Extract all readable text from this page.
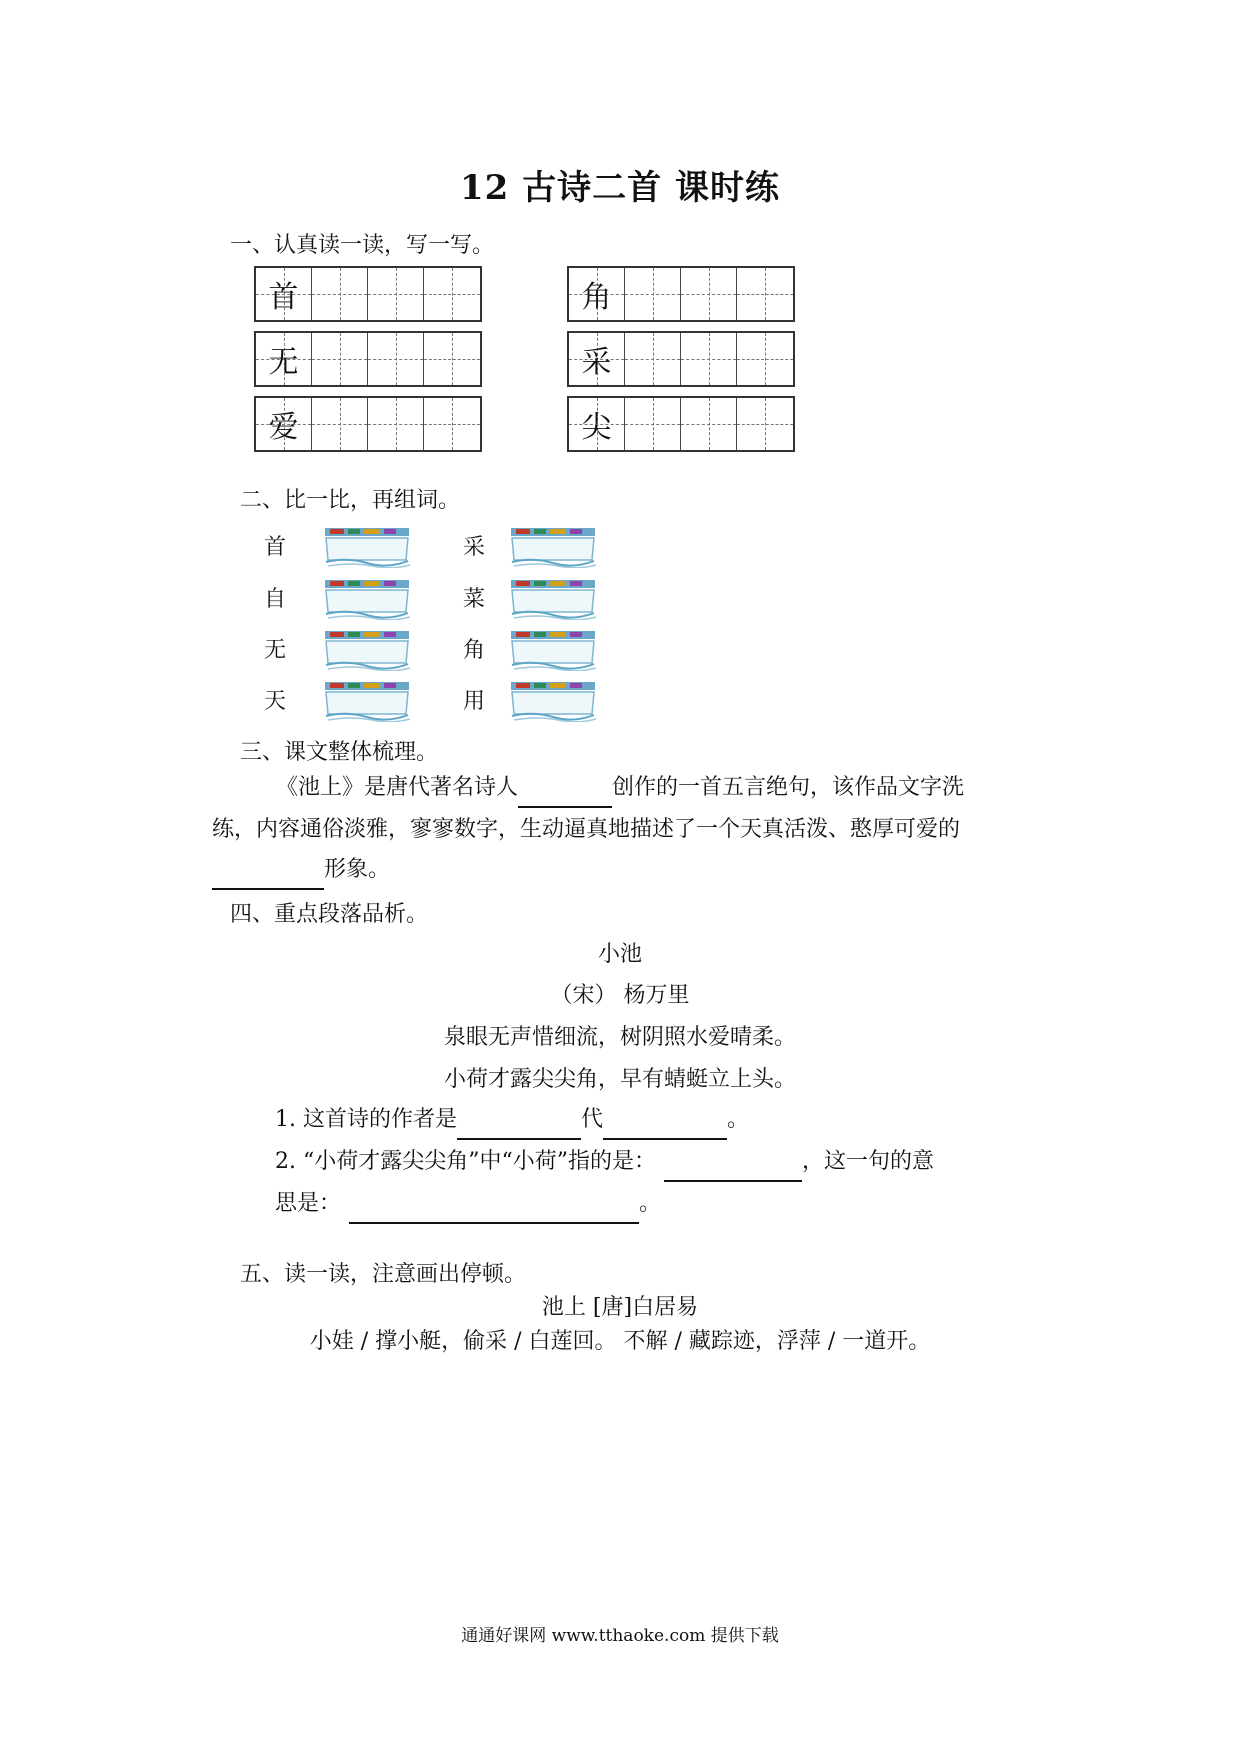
12 古诗二首 课时练
一、认真读一读，写一写。
首
无
爱
角
采
尖
二、比一比，再组词。
首
自
无
天
采
菜
角
用
三、课文整体梳理。
《池上》是唐代著名诗人	创作的一首五言绝句，该作品文字洗
练，内容通俗淡雅，寥寥数字，生动逼真地描述了一个天真活泼、憨厚可爱的
形象。
四、重点段落品析。
小池
（宋） 杨万里
泉眼无声惜细流，树阴照水爱晴柔。
小荷才露尖尖角，早有蜻蜓立上头。
1. 这首诗的作者是	代	。
2. “小荷才露尖尖角”中“小荷”指的是：	，这一句的意
思是：	。
五、读一读，注意画出停顿。
池上 [唐]白居易
小娃 / 撑小艇，偷采 / 白莲回。 不解 / 藏踪迹，浮萍 / 一道开。
通通好课网 www.tthaoke.com 提供下载
